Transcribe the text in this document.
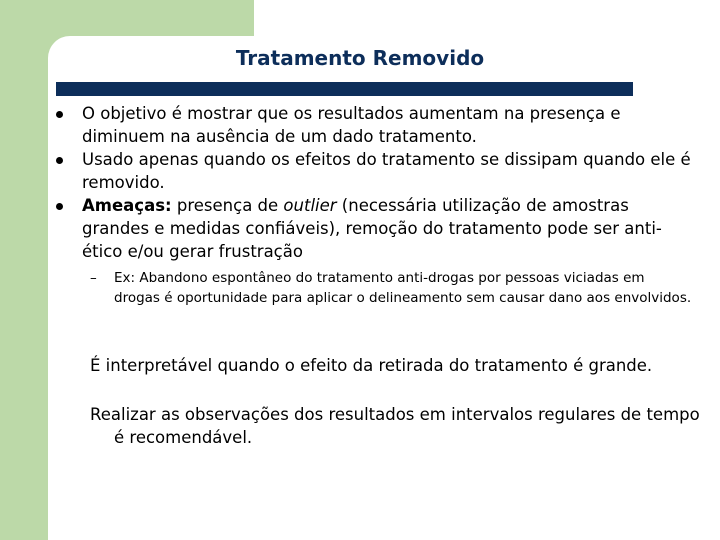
Tratamento Removido
O objetivo é mostrar que os resultados aumentam na presença e diminuem na ausência de um dado tratamento.
Usado apenas quando os efeitos do tratamento se dissipam quando ele é removido.
Ameaças: presença de outlier (necessária utilização de amostras grandes e medidas confiáveis), remoção do tratamento pode ser anti-ético e/ou gerar frustração
– Ex: Abandono espontâneo do tratamento anti-drogas por pessoas viciadas em drogas é oportunidade para aplicar o delineamento sem causar dano aos envolvidos.
É interpretável quando o efeito da retirada do tratamento é grande.
Realizar as observações dos resultados em intervalos regulares de tempo é recomendável.
